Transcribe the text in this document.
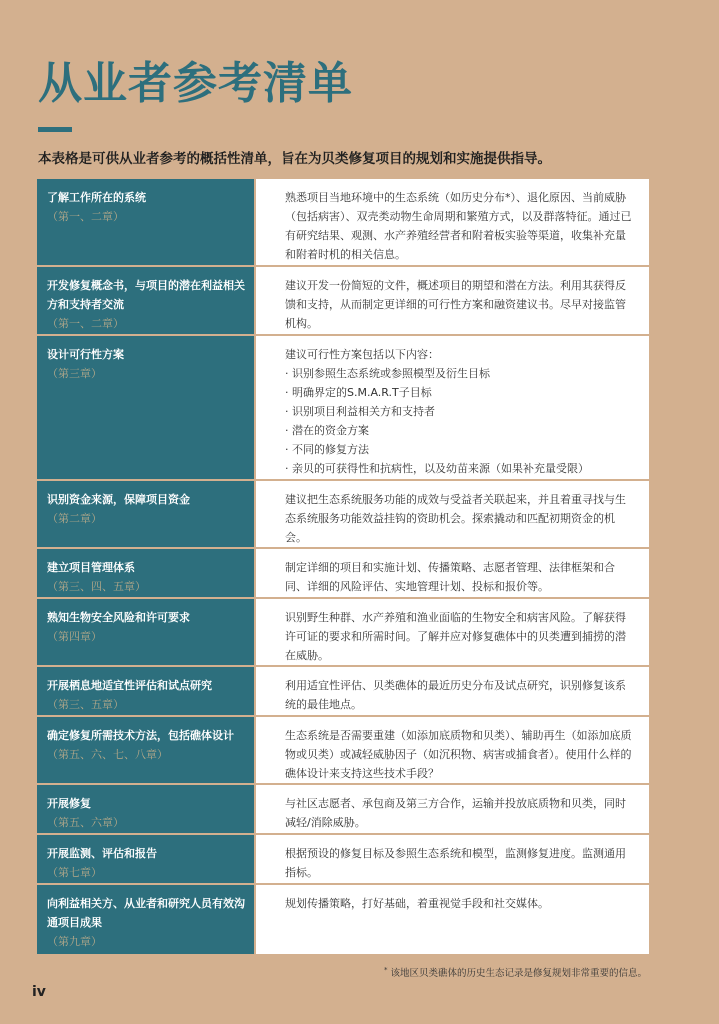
从业者参考清单

本表格是可供从业者参考的概括性清单，旨在为贝类修复项目的规划和实施提供指导。

了解工作所在的系统

（第一、二章）

熟悉项目当地环境中的生态系统（如历史分布*）、退化原因、当前威胁（包括病害）、双壳类动物生命周期和繁殖方式，以及群落特征。通过已有研究结果、观测、水产养殖经营者和附着板实验等渠道，收集补充量和附着时机的相关信息。

开发修复概念书，与项目的潜在利益相关方和支持者交流

（第一、二章）

建议开发一份简短的文件，概述项目的期望和潜在方法。利用其获得反馈和支持，从而制定更详细的可行性方案和融资建议书。尽早对接监管机构。

设计可行性方案

（第三章）

建议可行性方案包括以下内容：

· 识别参照生态系统或参照模型及衍生目标
· 明确界定的S.M.A.R.T子目标
· 识别项目利益相关方和支持者
· 潜在的资金方案
· 不同的修复方法
· 亲贝的可获得性和抗病性，以及幼苗来源（如果补充量受限）

识别资金来源，保障项目资金

（第二章）

建议把生态系统服务功能的成效与受益者关联起来，并且着重寻找与生态系统服务功能效益挂钩的资助机会。探索撬动和匹配初期资金的机会。

建立项目管理体系

（第三、四、五章）

制定详细的项目和实施计划、传播策略、志愿者管理、法律框架和合同、详细的风险评估、实地管理计划、投标和报价等。

熟知生物安全风险和许可要求

（第四章）

识别野生种群、水产养殖和渔业面临的生物安全和病害风险。了解获得许可证的要求和所需时间。了解并应对修复礁体中的贝类遭到捕捞的潜在威胁。

开展栖息地适宜性评估和试点研究

（第三、五章）

利用适宜性评估、贝类礁体的最近历史分布及试点研究，识别修复该系统的最佳地点。

确定修复所需技术方法，包括礁体设计

（第五、六、七、八章）

生态系统是否需要重建（如添加底质物和贝类）、辅助再生（如添加底质物或贝类）或减轻威胁因子（如沉积物、病害或捕食者）。使用什么样的礁体设计来支持这些技术手段？

开展修复

（第五、六章）

与社区志愿者、承包商及第三方合作，运输并投放底质物和贝类，同时减轻/消除威胁。

开展监测、评估和报告

（第七章）

根据预设的修复目标及参照生态系统和模型，监测修复进度。监测通用指标。

向利益相关方、从业者和研究人员有效沟通项目成果

（第九章）

规划传播策略，打好基础，着重视觉手段和社交媒体。

* 该地区贝类礁体的历史生态记录是修复规划非常重要的信息。
iv
